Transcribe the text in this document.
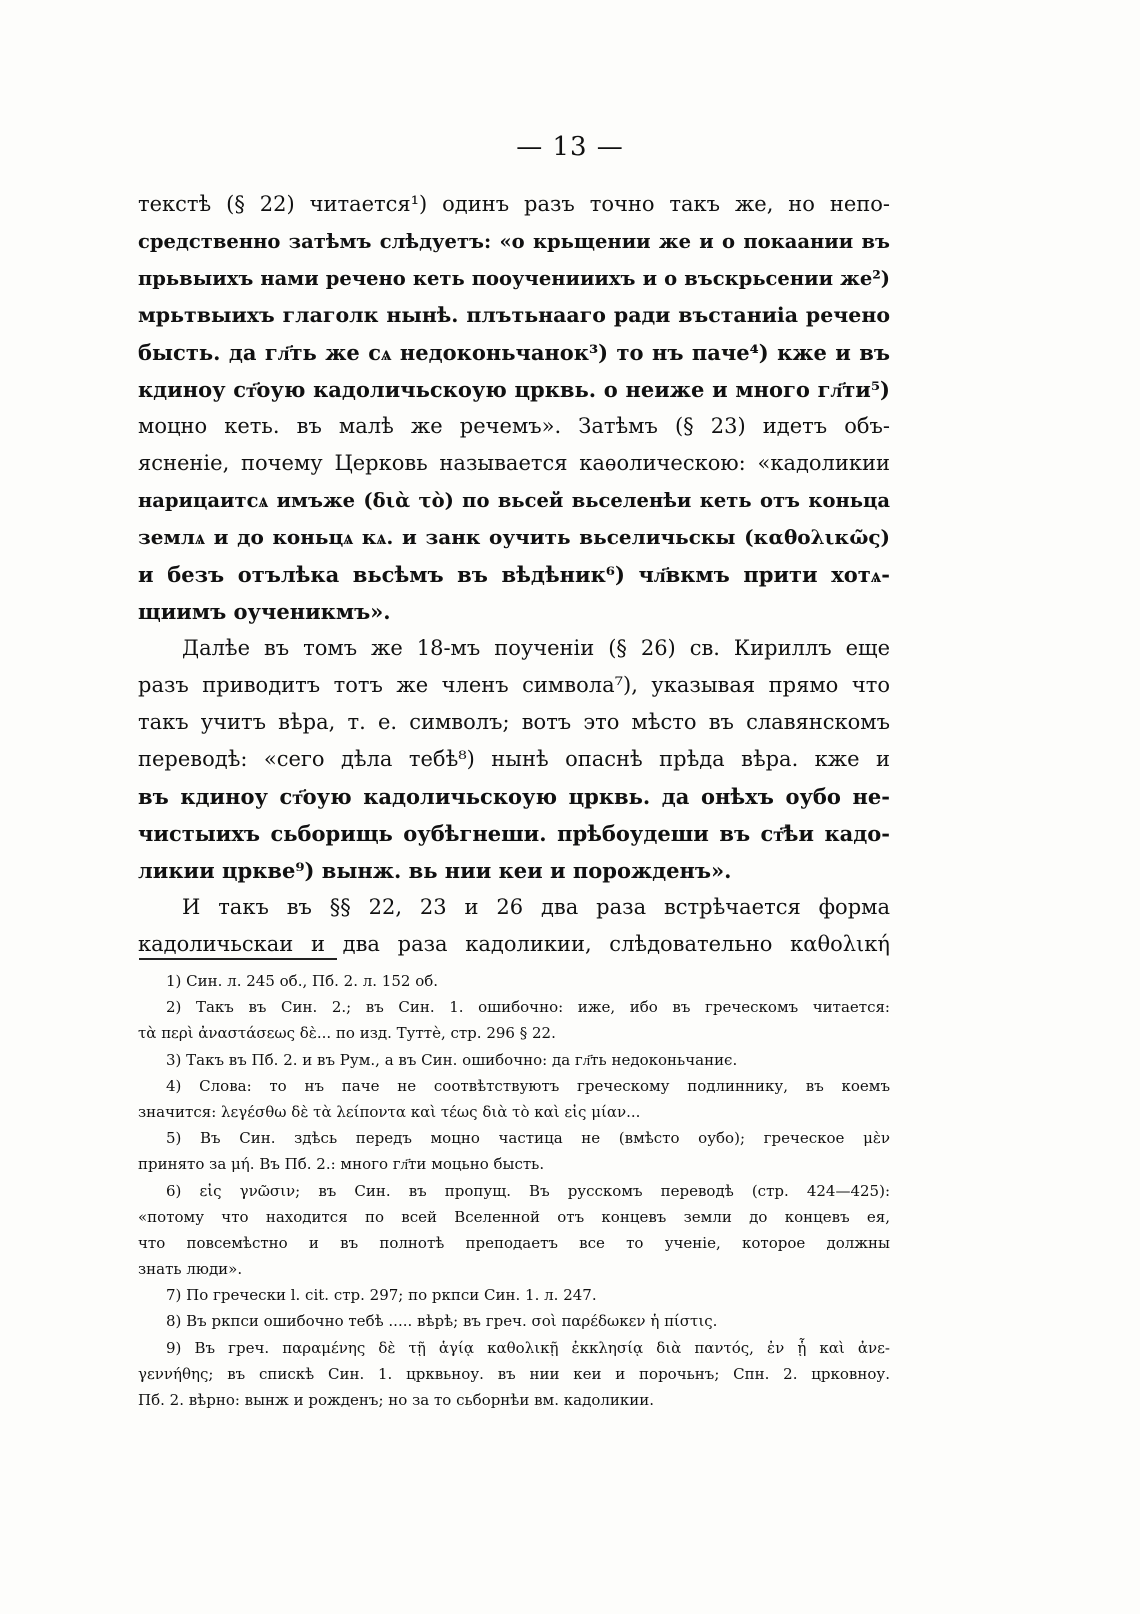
— 13 —
текстѣ (§ 22) читается¹) одинъ разъ точно такъ же, но непо-
средственно затѣмъ слѣдуетъ: «о крьщении же и о покаании въ
прьвыихъ нами речено кеть пооученииихъ и о въскрьсении же²)
мрьтвыихъ глаголк нынѣ. плътьнааго ради въстаниіа речено
бысть. да гл҃ть же сѧ недоконьчанок³) то нъ паче⁴) кже и въ
кдиноу ст҃оую кадоличьскоую црквь. о неиже и много гл҃ти⁵)
моцно кеть. въ малѣ же речемъ». Затѣмъ (§ 23) идетъ объ-
ясненіе, почему Церковь называется каѳолическою: «кадоликии
нарицаитсѧ имъже (διὰ τὸ) по вьсей вьселенѣи кеть отъ коньца
землѧ и до коньцѧ кѧ. и занк оучить вьселичьскы (καθολικῶς)
и безъ отълѣка вьсѣмъ въ вѣдѣник⁶) чл҃вкмъ прити хотѧ-
щиимъ оученикмъ».
Далѣе въ томъ же 18-мъ поученіи (§ 26) св. Кириллъ еще
разъ приводитъ тотъ же членъ символа⁷), указывая прямо что
такъ учитъ вѣра, т. е. символъ; вотъ это мѣсто въ славянскомъ
переводѣ: «сего дѣла тебѣ⁸) нынѣ опаснѣ прѣда вѣра. кже и
въ кдиноу ст҃оую кадоличьскоую црквь. да онѣхъ оубо не-
чистыихъ сьборищь оубѣгнеши. прѣбоудеши въ ст҃ѣи кадо-
ликии црквe⁹) вынж. вь нии кеи и порожденъ».
И такъ въ §§ 22, 23 и 26 два раза встрѣчается форма
кадоличьскаи и два раза кадоликии, слѣдовательно καθολική
1) Син. л. 245 об., Пб. 2. л. 152 об.
2) Такъ въ Син. 2.; въ Син. 1. ошибочно: иже, ибо въ греческомъ читается:
τὰ περὶ ἀναστάσεως δὲ... по изд. Туттѐ, стр. 296 § 22.
3) Такъ въ Пб. 2. и въ Рум., а въ Син. ошибочно: да гл҃ть недоконьчаниє.
4) Слова: то нъ паче не соотвѣтствуютъ греческому подлиннику, въ коемъ
значится: λεγέσθω δὲ τὰ λείποντα καὶ τέως διὰ τὸ καὶ εἰς μίαν...
5) Въ Син. здѣсь передъ моцно частица не (вмѣсто оубо); греческое μὲν
принято за μή. Въ Пб. 2.: много гл҃ти моцьно бысть.
6) εἰς γνῶσιν; въ Син. въ пропущ. Въ русскомъ переводѣ (стр. 424—425):
«потому что находится по всей Вселенной отъ концевъ земли до концевъ ея,
что повсемѣстно и въ полнотѣ преподаетъ все то ученіе, которое должны
знать люди».
7) По гречески l. cit. стр. 297; по ркпси Син. 1. л. 247.
8) Въ ркпси ошибочно тебѣ ..... вѣрѣ; въ греч. σοὶ παρέδωκεν ἡ πίστις.
9) Въ греч. παραμένης δὲ τῇ ἁγίᾳ καθολικῇ ἐκκλησίᾳ διὰ παντός, ἐν ᾗ καὶ ἀνε-
γεννήθης; въ спискѣ Син. 1. црквьноу. въ нии кеи и порочьнъ; Спн. 2. црковноу.
Пб. 2. вѣрно: вынж и рожденъ; но за то сьборнѣи вм. кадоликии.
